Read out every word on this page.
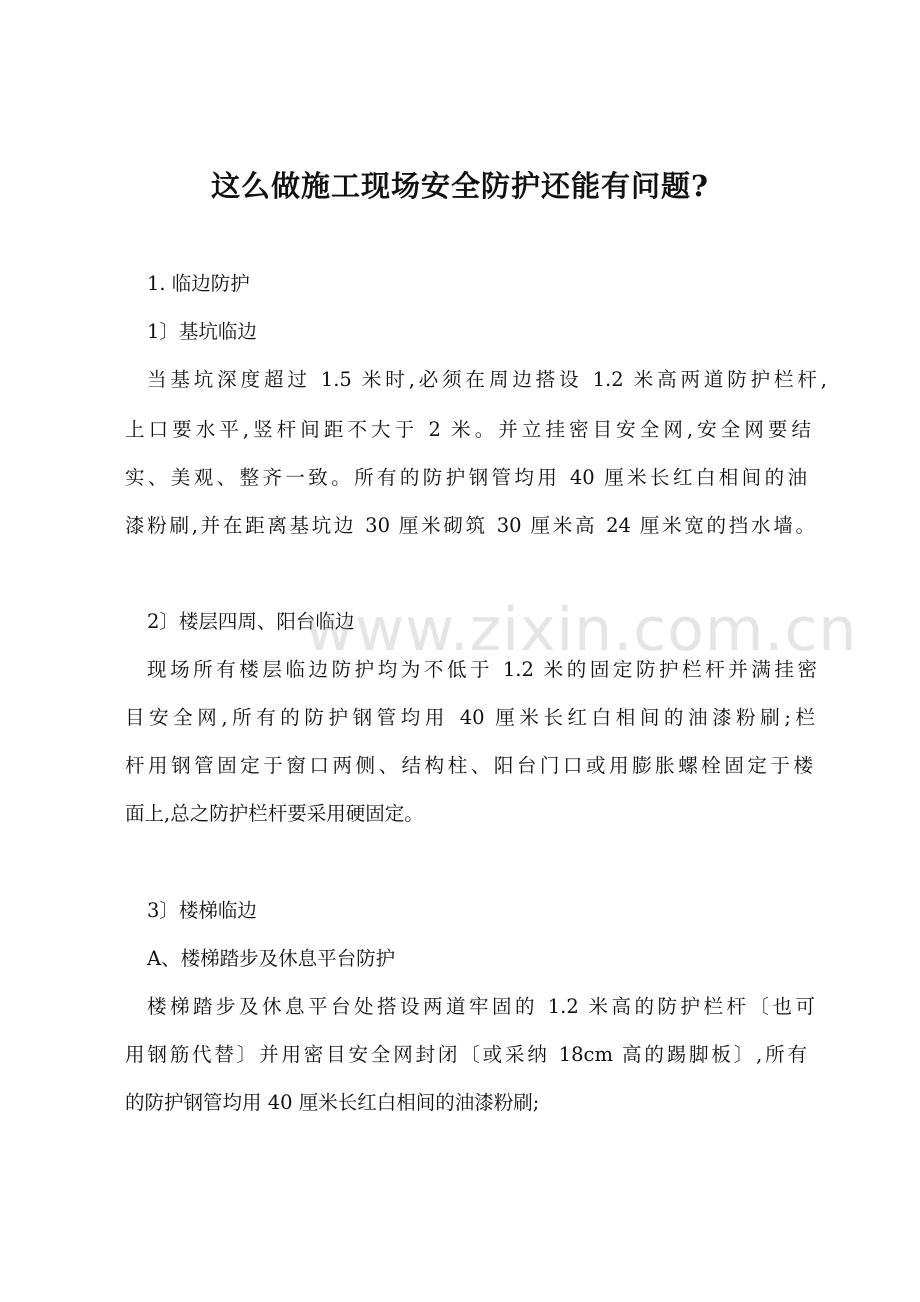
这么做施工现场安全防护还能有问题?
1. 临边防护
1〕基坑临边
当基坑深度超过 1.5 米时,必须在周边搭设 1.2 米高两道防护栏杆,
上口要水平,竖杆间距不大于 2 米。并立挂密目安全网,安全网要结
实、美观、整齐一致。所有的防护钢管均用 40 厘米长红白相间的油
漆粉刷,并在距离基坑边 30 厘米砌筑 30 厘米高 24 厘米宽的挡水墙。
2〕楼层四周、阳台临边
现场所有楼层临边防护均为不低于 1.2 米的固定防护栏杆并满挂密
目安全网,所有的防护钢管均用 40 厘米长红白相间的油漆粉刷;栏
杆用钢管固定于窗口两侧、结构柱、阳台门口或用膨胀螺栓固定于楼
面上,总之防护栏杆要采用硬固定。
3〕楼梯临边
A、楼梯踏步及休息平台防护
楼梯踏步及休息平台处搭设两道牢固的 1.2 米高的防护栏杆〔也可
用钢筋代替〕并用密目安全网封闭〔或采纳 18cm 高的踢脚板〕,所有
的防护钢管均用 40 厘米长红白相间的油漆粉刷;
www.zixin.com.cn
